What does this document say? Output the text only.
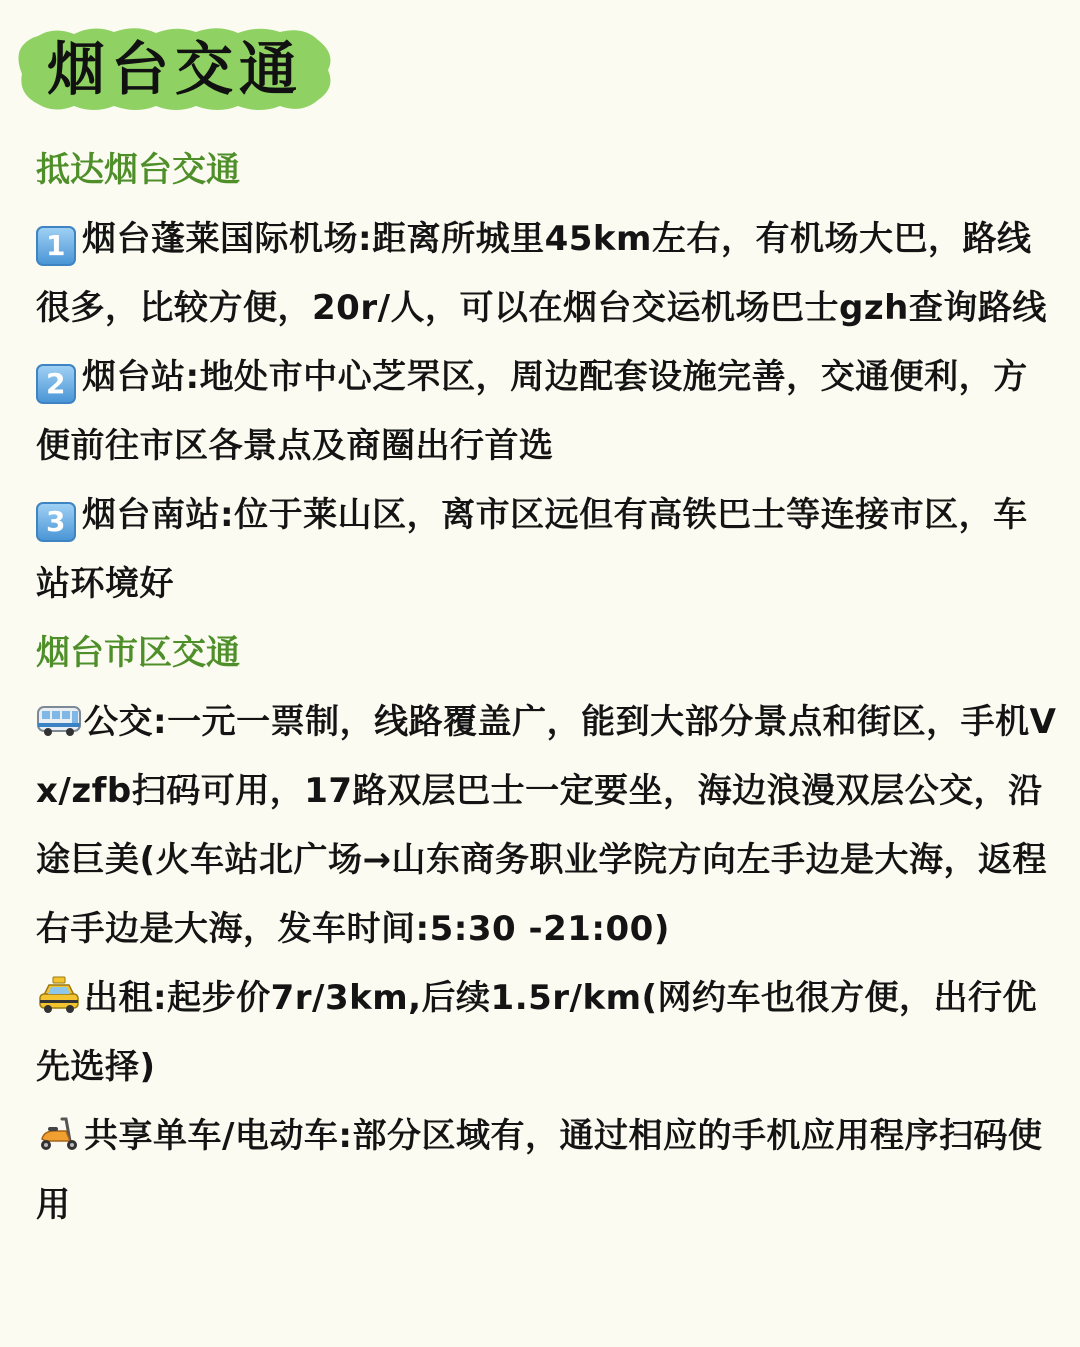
烟台交通
抵达烟台交通
1 烟台蓬莱国际机场:距离所城里45km左右，有机场大巴，路线很多，比较方便，20r/人，可以在烟台交运机场巴士gzh查询路线
2 烟台站:地处市中心芝罘区，周边配套设施完善，交通便利，方便前往市区各景点及商圈出行首选
3 烟台南站:位于莱山区，离市区远但有高铁巴士等连接市区，车站环境好
烟台市区交通
公交:一元一票制，线路覆盖广，能到大部分景点和街区，手机Vx/zfb扫码可用，17路双层巴士一定要坐，海边浪漫双层公交，沿途巨美(火车站北广场→山东商务职业学院方向左手边是大海，返程右手边是大海，发车时间:5:30 -21:00)
出租:起步价7r/3km,后续1.5r/km(网约车也很方便，出行优先选择)
共享单车/电动车:部分区域有，通过相应的手机应用程序扫码使用
